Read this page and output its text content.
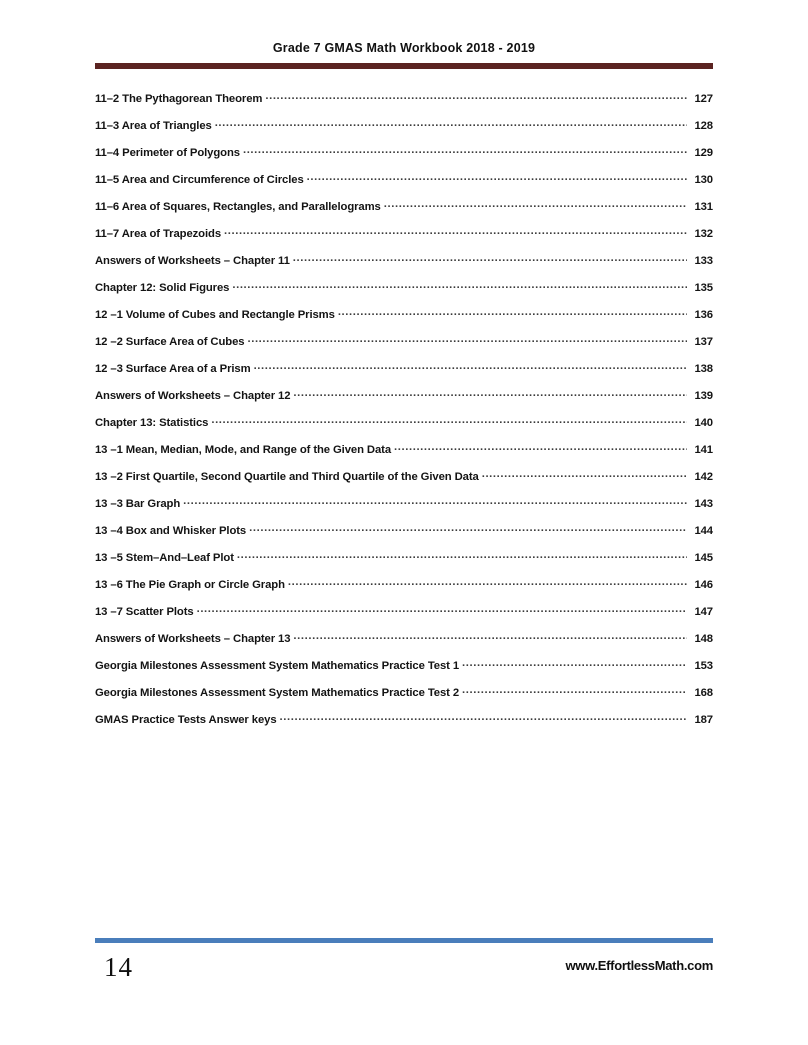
Grade 7 GMAS Math Workbook 2018 - 2019
11–2 The Pythagorean Theorem .....	127
11–3 Area of Triangles .....	128
11–4 Perimeter of Polygons .....	129
11–5 Area and Circumference of Circles .....	130
11–6 Area of Squares, Rectangles, and Parallelograms .....	131
11–7 Area of Trapezoids .....	132
Answers of Worksheets – Chapter 11 .....	133
Chapter 12: Solid Figures .....	135
12 –1 Volume of Cubes and Rectangle Prisms .....	136
12 –2 Surface Area of Cubes .....	137
12 –3 Surface Area of a Prism .....	138
Answers of Worksheets – Chapter 12 .....	139
Chapter 13: Statistics .....	140
13 –1 Mean, Median, Mode, and Range of the Given Data .....	141
13 –2 First Quartile, Second Quartile and Third Quartile of the Given Data .....	142
13 –3 Bar Graph .....	143
13 –4 Box and Whisker Plots .....	144
13 –5 Stem–And–Leaf Plot .....	145
13 –6 The Pie Graph or Circle Graph .....	146
13 –7 Scatter Plots .....	147
Answers of Worksheets – Chapter 13 .....	148
Georgia Milestones Assessment System Mathematics Practice Test 1 .....	153
Georgia Milestones Assessment System Mathematics Practice Test 2 .....	168
GMAS Practice Tests Answer keys .....	187
14	www.EffortlessMath.com
